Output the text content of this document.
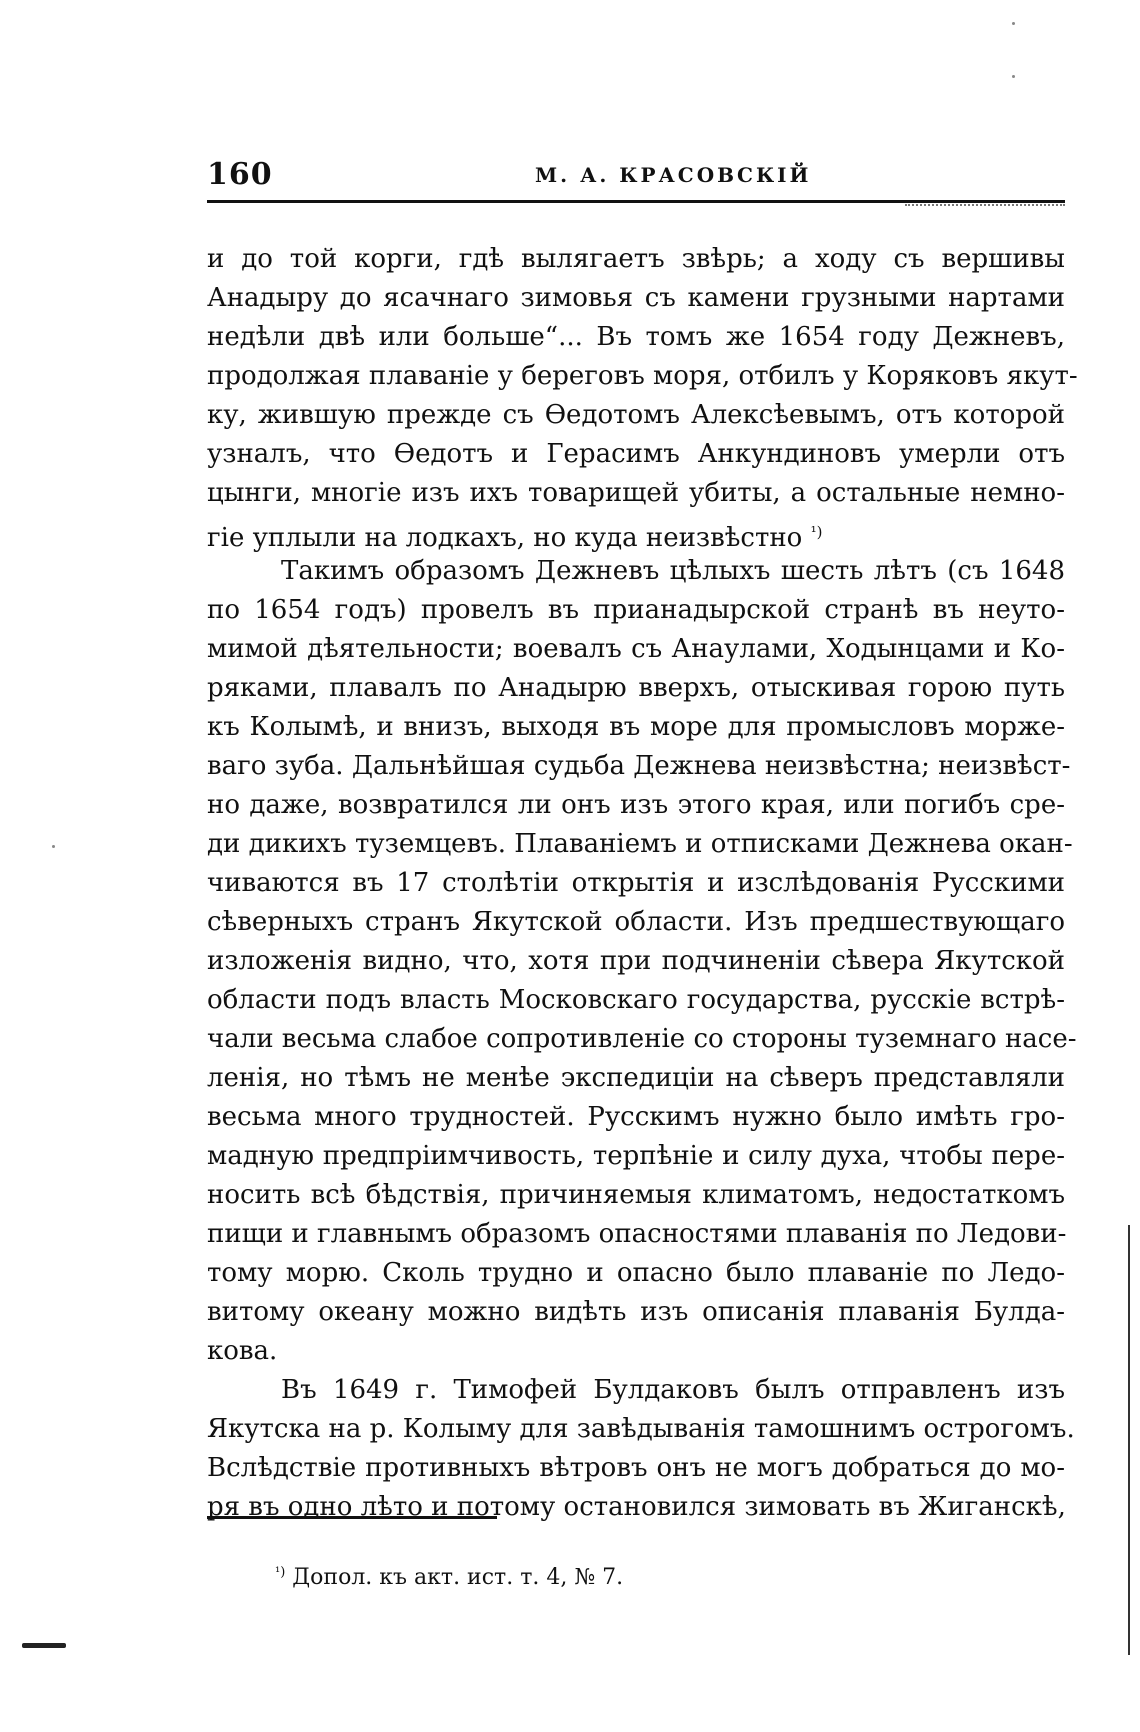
160	М. А. КРАСОВСКІЙ
и до той корги, гдѣ вылягаетъ звѣрь; а ходу съ вершивы
Анадыру до ясачнаго зимовья съ камени грузными нартами
недѣли двѣ или больше“... Въ томъ же 1654 году Дежневъ,
продолжая плаваніе у береговъ моря, отбилъ у Коряковъ якут-
ку, жившую прежде съ Ѳедотомъ Алексѣевымъ, отъ которой
узналъ, что Ѳедотъ и Герасимъ Анкундиновъ умерли отъ
цынги, многіе изъ ихъ товарищей убиты, а остальные немно-
гіе уплыли на лодкахъ, но куда неизвѣстно $^{^1)}$
Такимъ образомъ Дежневъ цѣлыхъ шесть лѣтъ (съ 1648
по 1654 годъ) провелъ въ прианадырской странѣ въ неуто-
мимой дѣятельности; воевалъ съ Анаулами, Ходынцами и Ко-
ряками, плавалъ по Анадырю вверхъ, отыскивая горою путь
къ Колымѣ, и внизъ, выходя въ море для промысловъ морже-
ваго зуба. Дальнѣйшая судьба Дежнева неизвѣстна; неизвѣст-
но даже, возвратился ли онъ изъ этого края, или погибъ сре-
ди дикихъ туземцевъ. Плаваніемъ и отписками Дежнева окан-
чиваются въ 17 столѣтіи открытія и изслѣдованія Русскими
сѣверныхъ странъ Якутской области. Изъ предшествующаго
изложенія видно, что, хотя при подчиненіи сѣвера Якутской
области подъ власть Московскаго государства, русскіе встрѣ-
чали весьма слабое сопротивленіе со стороны туземнаго насе-
ленія, но тѣмъ не менѣе экспедиціи на сѣверъ представляли
весьма много трудностей. Русскимъ нужно было имѣть гро-
мадную предпріимчивость, терпѣніе и силу духа, чтобы пере-
носить всѣ бѣдствія, причиняемыя климатомъ, недостаткомъ
пищи и главнымъ образомъ опасностями плаванія по Ледови-
тому морю. Сколь трудно и опасно было плаваніе по Ледо-
витому океану можно видѣть изъ описанія плаванія Булда-
кова.
Въ 1649 г. Тимофей Булдаковъ былъ отправленъ изъ
Якутска на р. Колыму для завѣдыванія тамошнимъ острогомъ.
Вслѣдствіе противныхъ вѣтровъ онъ не могъ добраться до мо-
ря въ одно лѣто и потому остановился зимовать въ Жиганскѣ,
$^{^1)}$ Допол. къ акт. ист. т. 4, № 7.
